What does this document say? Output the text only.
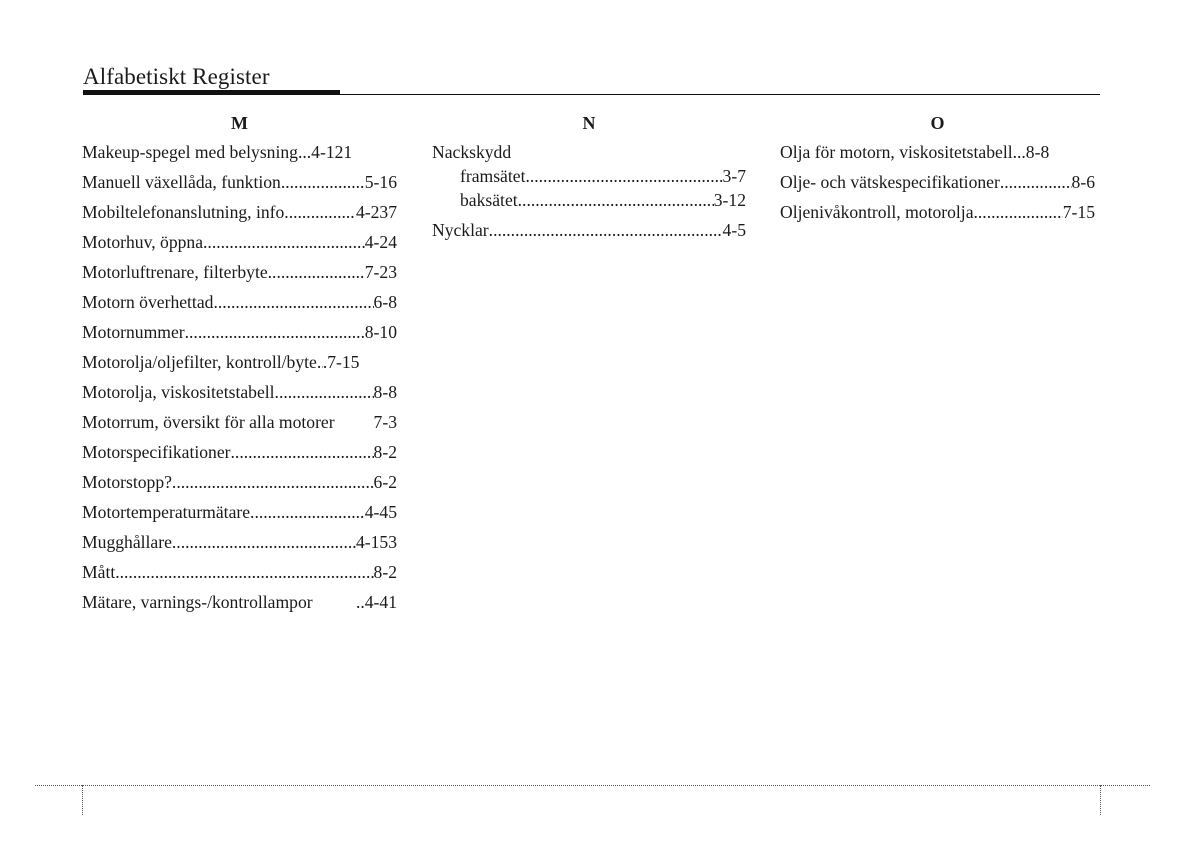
Alfabetiskt Register
M
Makeup-spegel med belysning ...4-121
Manuell växellåda, funktion .....	5-16
Mobiltelefonanslutning, info. .....	4-237
Motorhuv, öppna .....	4-24
Motorluftrenare, filterbyte .....	7-23
Motorn överhettad .....	6-8
Motornummer .....	8-10
Motorolja/oljefilter, kontroll/byte ..... .7-15
Motorolja, viskositetstabell .....	8-8
Motorrum, översikt för alla motorer 7-3
Motorspecifikationer .....	8-2
Motorstopp? .....	6-2
Motortemperaturmätare .....	4-45
Mugghållare .....	4-153
Mått .....	8-2
Mätare, varnings-/kontrollampor ..4-41
N
Nackskydd
framsätet .....	3-7
baksätet .....	3-12
Nycklar .....	4-5
O
Olja för motorn, viskositetstabell ...8-8
Olje- och vätskespecifikationer .....	8-6
Oljenivåkontroll, motorolja .....	7-15
